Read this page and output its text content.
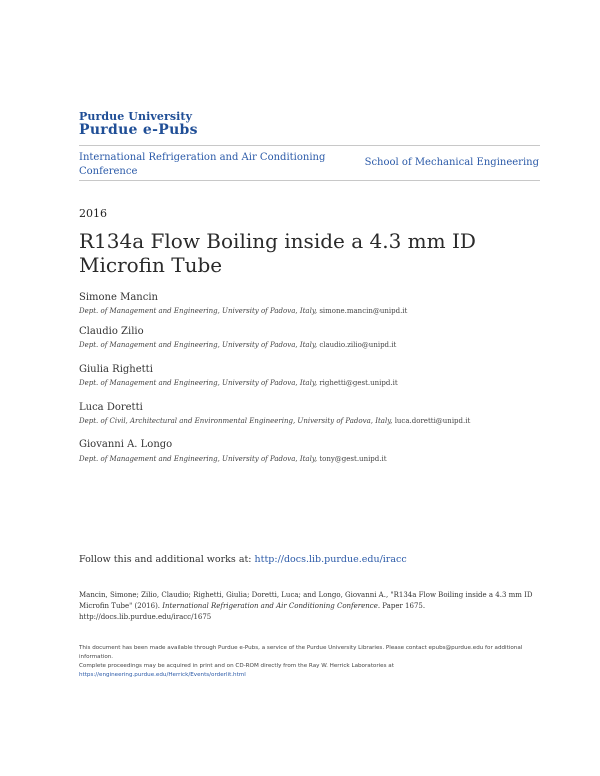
Purdue University
Purdue e-Pubs
International Refrigeration and Air Conditioning Conference
School of Mechanical Engineering
2016
R134a Flow Boiling inside a 4.3 mm ID Microfin Tube
Simone Mancin
Dept. of Management and Engineering, University of Padova, Italy, simone.mancin@unipd.it
Claudio Zilio
Dept. of Management and Engineering, University of Padova, Italy, claudio.zilio@unipd.it
Giulia Righetti
Dept. of Management and Engineering, University of Padova, Italy, righetti@gest.unipd.it
Luca Doretti
Dept. of Civil, Architectural and Environmental Engineering, University of Padova, Italy, luca.doretti@unipd.it
Giovanni A. Longo
Dept. of Management and Engineering, University of Padova, Italy, tony@gest.unipd.it
Follow this and additional works at: http://docs.lib.purdue.edu/iracc
Mancin, Simone; Zilio, Claudio; Righetti, Giulia; Doretti, Luca; and Longo, Giovanni A., "R134a Flow Boiling inside a 4.3 mm ID Microfin Tube" (2016). International Refrigeration and Air Conditioning Conference. Paper 1675.
http://docs.lib.purdue.edu/iracc/1675

This document has been made available through Purdue e-Pubs, a service of the Purdue University Libraries. Please contact epubs@purdue.edu for additional information.

Complete proceedings may be acquired in print and on CD-ROM directly from the Ray W. Herrick Laboratories at https://engineering.purdue.edu/Herrick/Events/orderlit.html
